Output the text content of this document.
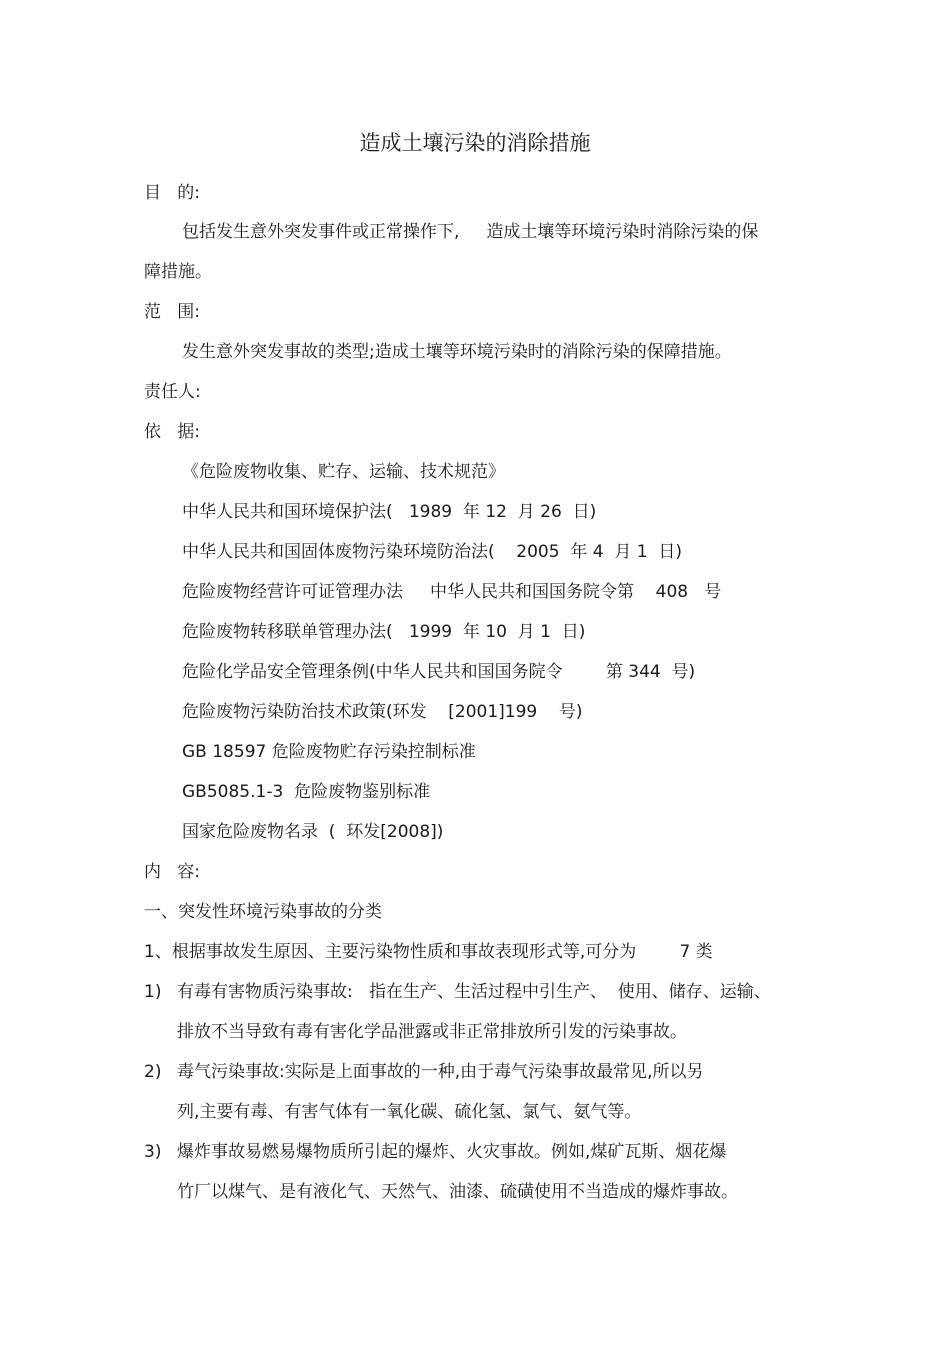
造成土壤污染的消除措施
目   的:
包括发生意外突发事件或正常操作下,     造成土壤等环境污染时消除污染的保
障措施。
范   围:
发生意外突发事故的类型;造成土壤等环境污染时的消除污染的保障措施。
责任人:
依   据:
《危险废物收集、贮存、运输、技术规范》
中华人民共和国环境保护法(   1989  年 12  月 26  日)
中华人民共和国固体废物污染环境防治法(    2005  年 4  月 1  日)
危险废物经营许可证管理办法     中华人民共和国国务院令第    408   号
危险废物转移联单管理办法(   1999  年 10  月 1  日)
危险化学品安全管理条例(中华人民共和国国务院令        第 344  号)
危险废物污染防治技术政策(环发    [2001]199    号)
GB 18597 危险废物贮存污染控制标准
GB5085.1-3  危险废物鉴别标准
国家危险废物名录  (  环发[2008])
内   容:
一、突发性环境污染事故的分类
1、根据事故发生原因、主要污染物性质和事故表现形式等,可分为        7 类
1) 有毒有害物质污染事故:   指在生产、生活过程中引生产、  使用、储存、运输、
排放不当导致有毒有害化学品泄露或非正常排放所引发的污染事故。
2) 毒气污染事故:实际是上面事故的一种,由于毒气污染事故最常见,所以另
列,主要有毒、有害气体有一氧化碳、硫化氢、氯气、氨气等。
3) 爆炸事故易燃易爆物质所引起的爆炸、火灾事故。例如,煤矿瓦斯、烟花爆
竹厂以煤气、是有液化气、天然气、油漆、硫磺使用不当造成的爆炸事故。
